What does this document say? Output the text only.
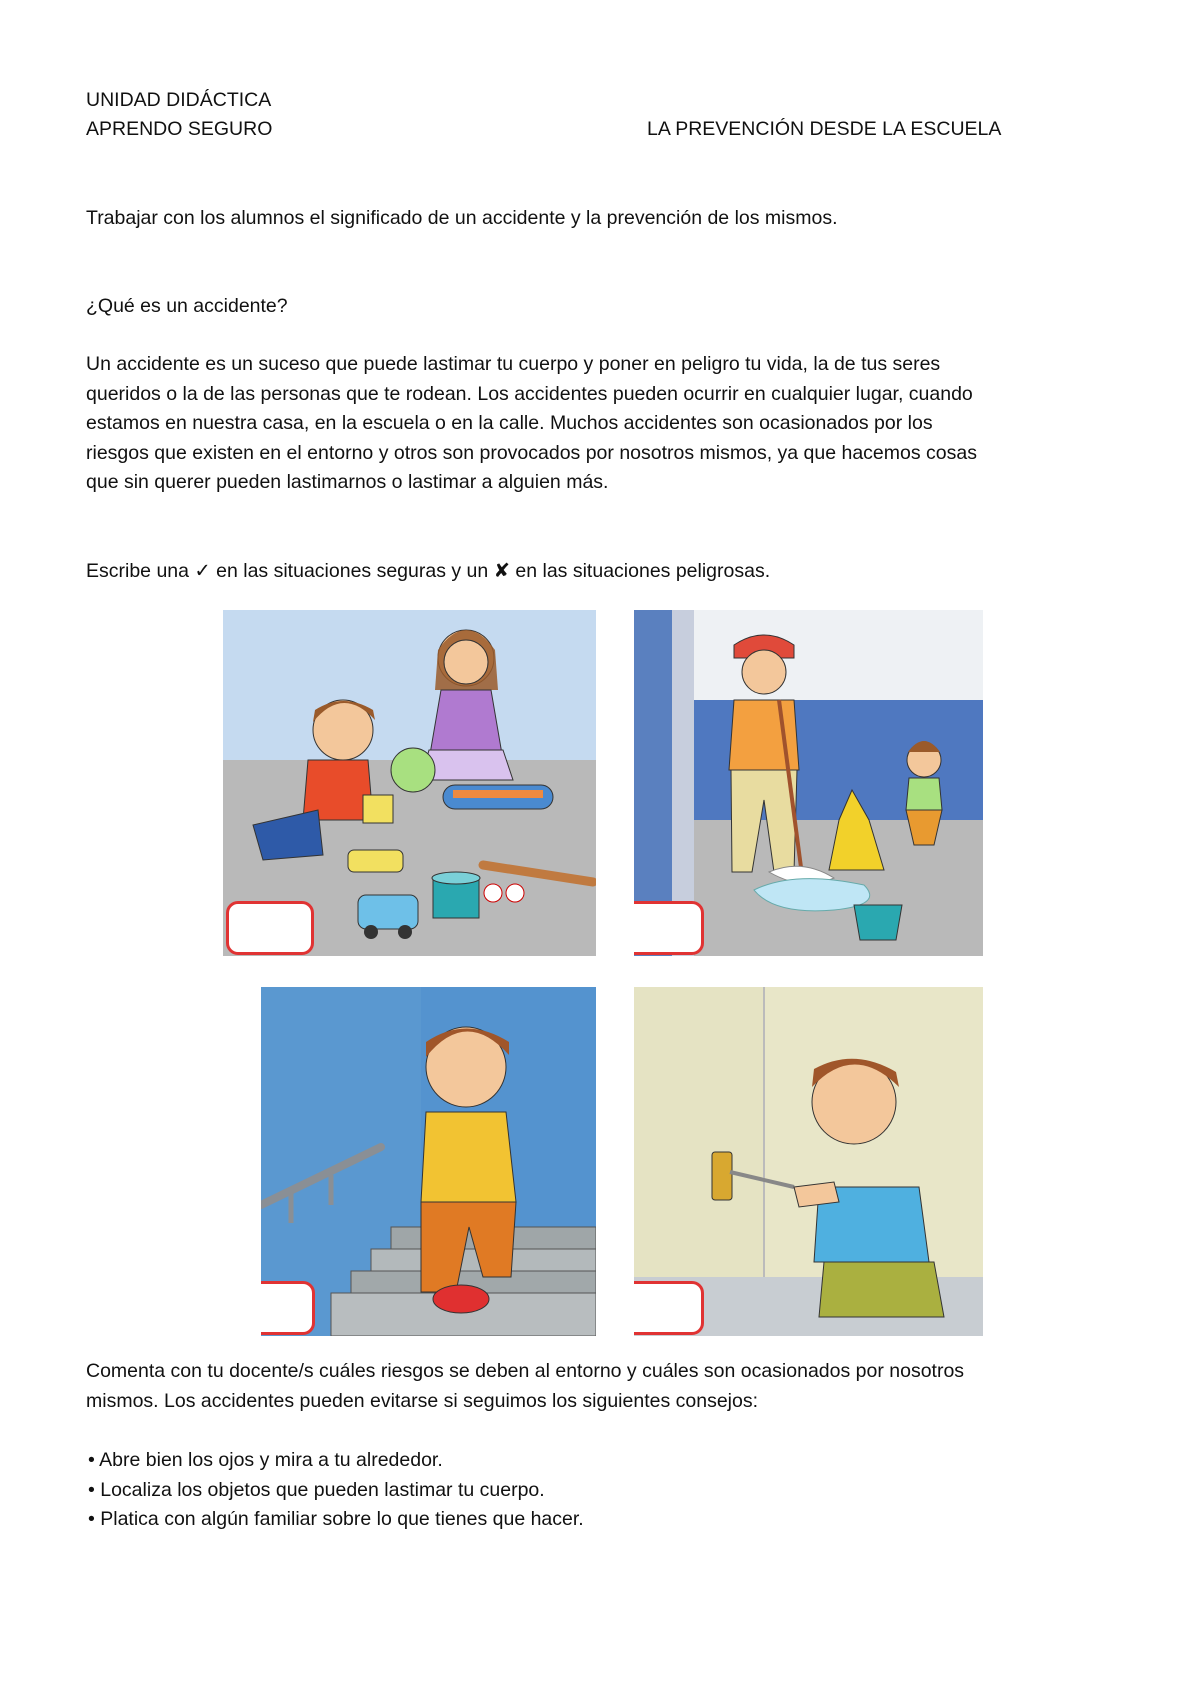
UNIDAD DIDÁCTICA
APRENDO SEGURO	LA PREVENCIÓN DESDE LA ESCUELA
Trabajar con los alumnos el significado de un accidente y la prevención de los mismos.
¿Qué es un accidente?
Un accidente es un suceso que puede lastimar tu cuerpo y poner en peligro tu vida, la de tus seres
queridos o la de las personas que te rodean. Los accidentes pueden ocurrir en cualquier lugar, cuando
estamos en nuestra casa, en la escuela o en la calle. Muchos accidentes son ocasionados por los
riesgos que existen en el entorno y otros son provocados por nosotros mismos, ya que hacemos cosas
que sin querer pueden lastimarnos o lastimar a alguien más.
Escribe una ✓ en las situaciones seguras y un ✘ en las situaciones peligrosas.
Comenta con tu docente/s cuáles riesgos se deben al entorno y cuáles son ocasionados por nosotros
mismos. Los accidentes pueden evitarse si seguimos los siguientes consejos:
• Abre bien los ojos y mira a tu alrededor.
• Localiza los objetos que pueden lastimar tu cuerpo.
• Platica con algún familiar sobre lo que tienes que hacer.
